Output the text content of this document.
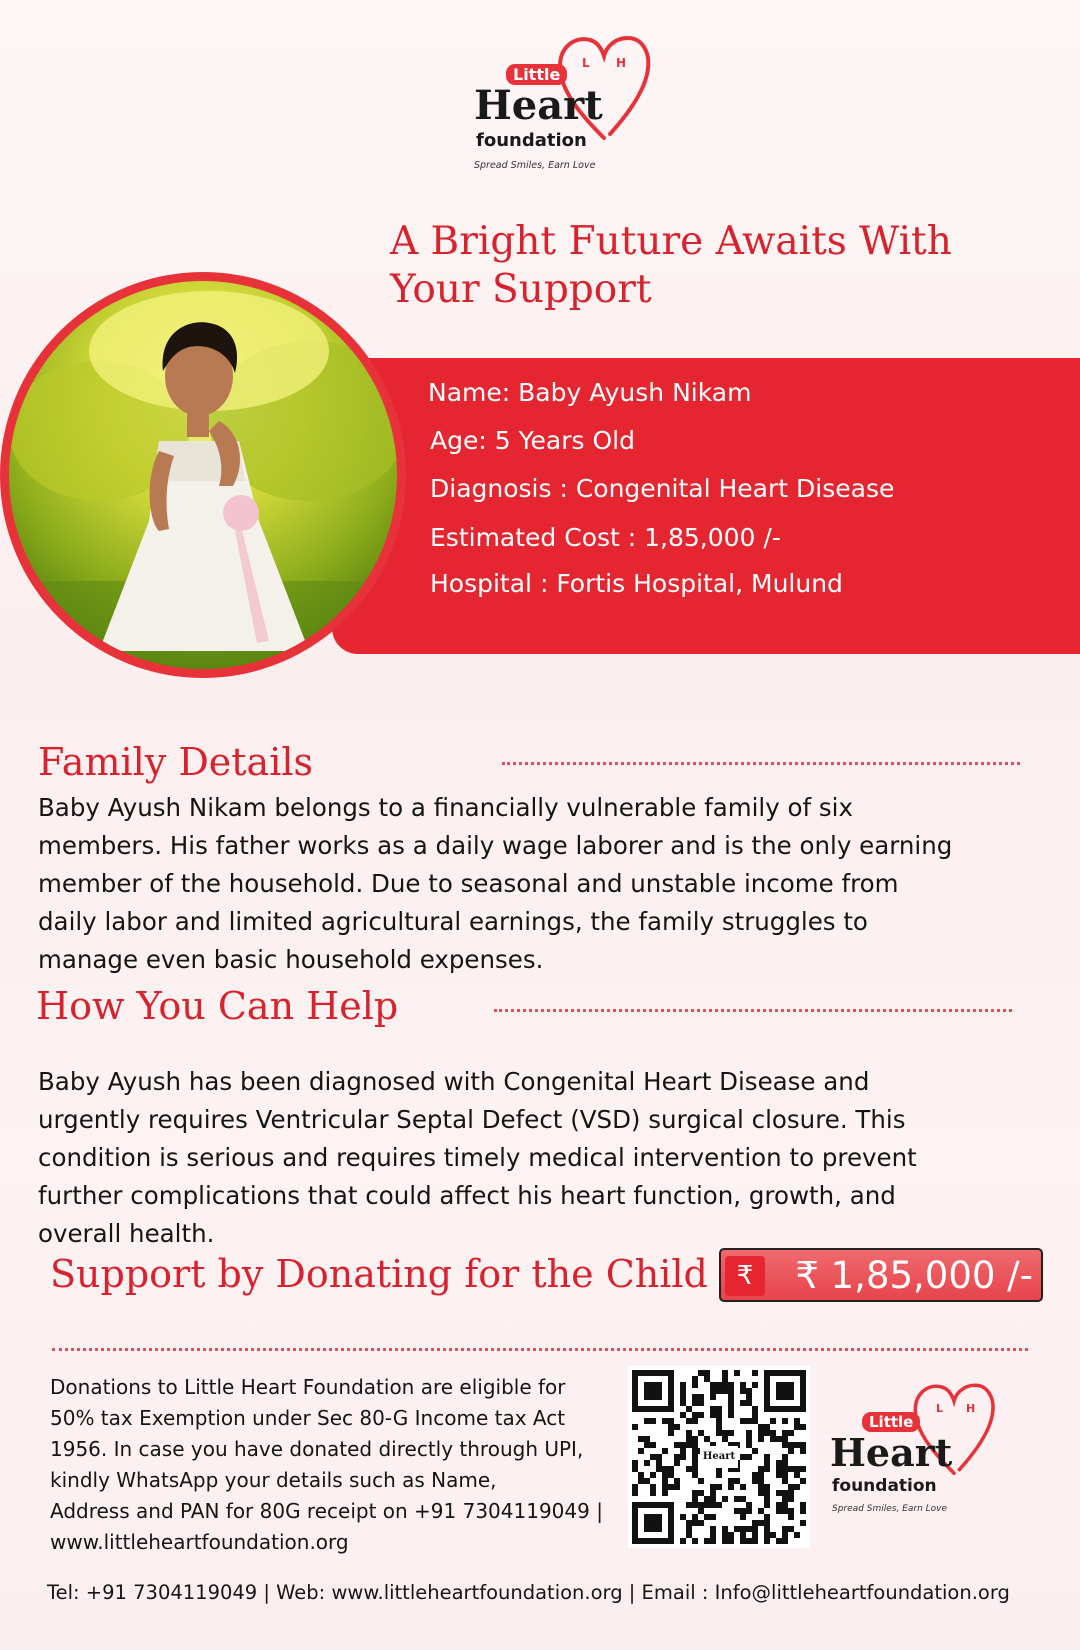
L H
Little
Heart
foundation
Spread Smiles, Earn Love
A Bright Future Awaits With Your Support
Name: Baby Ayush Nikam
Age: 5 Years Old
Diagnosis : Congenital Heart Disease
Estimated Cost : 1,85,000 /-
Hospital : Fortis Hospital, Mulund
Family Details
Baby Ayush Nikam belongs to a financially vulnerable family of six
members. His father works as a daily wage laborer and is the only earning
member of the household. Due to seasonal and unstable income from
daily labor and limited agricultural earnings, the family struggles to
manage even basic household expenses.
How You Can Help
Baby Ayush has been diagnosed with Congenital Heart Disease and
urgently requires Ventricular Septal Defect (VSD) surgical closure. This
condition is serious and requires timely medical intervention to prevent
further complications that could affect his heart function, growth, and
overall health.
Support by Donating for the Child	₹	₹ 1,85,000 /-
Donations to Little Heart Foundation are eligible for
50% tax Exemption under Sec 80-G Income tax Act
1956. In case you have donated directly through UPI,
kindly WhatsApp your details such as Name,
Address and PAN for 80G receipt on +91 7304119049 |
www.littleheartfoundation.org
Heart
L H
Little
Heart
foundation
Spread Smiles, Earn Love
Tel: +91 7304119049 | Web: www.littleheartfoundation.org | Email : Info@littleheartfoundation.org
